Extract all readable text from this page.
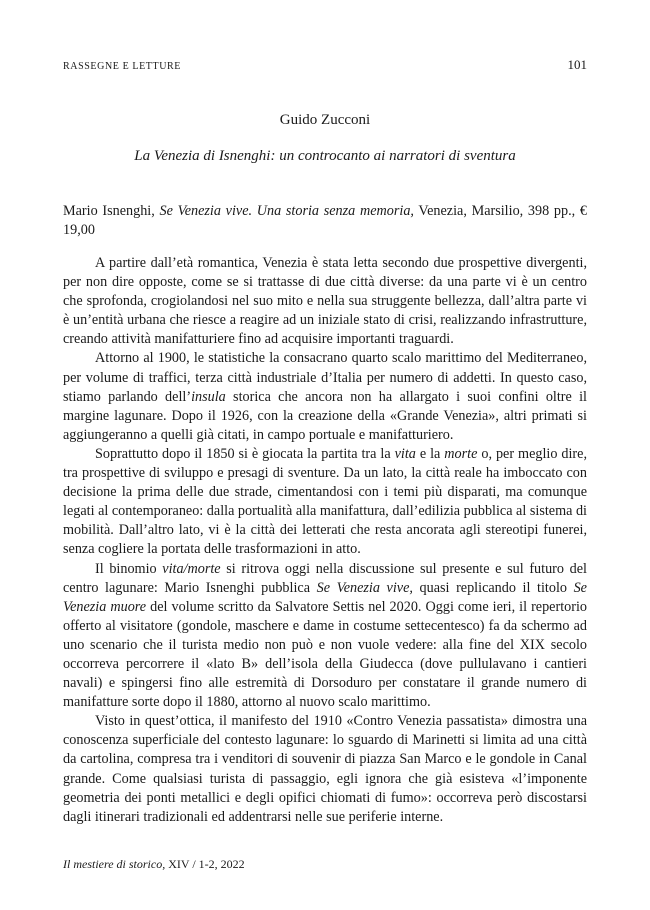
RASSEGNE E LETTURE	101
Guido Zucconi
La Venezia di Isnenghi: un controcanto ai narratori di sventura
Mario Isnenghi, Se Venezia vive. Una storia senza memoria, Venezia, Marsilio, 398 pp., € 19,00

A partire dall’età romantica, Venezia è stata letta secondo due prospettive divergenti, per non dire opposte, come se si trattasse di due città diverse: da una parte vi è un centro che sprofonda, crogiolandosi nel suo mito e nella sua struggente bellezza, dall’altra parte vi è un’entità urbana che riesce a reagire ad un iniziale stato di crisi, realizzando infrastrutture, creando attività manifatturiere fino ad acquisire importanti traguardi.

Attorno al 1900, le statistiche la consacrano quarto scalo marittimo del Mediterraneo, per volume di traffici, terza città industriale d’Italia per numero di addetti. In questo caso, stiamo parlando dell’insula storica che ancora non ha allargato i suoi confini oltre il margine lagunare. Dopo il 1926, con la creazione della «Grande Venezia», altri primati si aggiungeranno a quelli già citati, in campo portuale e manifatturiero.

Soprattutto dopo il 1850 si è giocata la partita tra la vita e la morte o, per meglio dire, tra prospettive di sviluppo e presagi di sventure. Da un lato, la città reale ha imboccato con decisione la prima delle due strade, cimentandosi con i temi più disparati, ma comunque legati al contemporaneo: dalla portualità alla manifattura, dall’edilizia pubblica al sistema di mobilità. Dall’altro lato, vi è la città dei letterati che resta ancorata agli stereotipi funerei, senza cogliere la portata delle trasformazioni in atto.

Il binomio vita/morte si ritrova oggi nella discussione sul presente e sul futuro del centro lagunare: Mario Isnenghi pubblica Se Venezia vive, quasi replicando il titolo Se Venezia muore del volume scritto da Salvatore Settis nel 2020. Oggi come ieri, il repertorio offerto al visitatore (gondole, maschere e dame in costume settecentesco) fa da schermo ad uno scenario che il turista medio non può e non vuole vedere: alla fine del XIX secolo occorreva percorrere il «lato B» dell’isola della Giudecca (dove pullulavano i cantieri navali) e spingersi fino alle estremità di Dorsoduro per constatare il grande numero di manifatture sorte dopo il 1880, attorno al nuovo scalo marittimo.

Visto in quest’ottica, il manifesto del 1910 «Contro Venezia passatista» dimostra una conoscenza superficiale del contesto lagunare: lo sguardo di Marinetti si limita ad una città da cartolina, compresa tra i venditori di souvenir di piazza San Marco e le gondole in Canal grande. Come qualsiasi turista di passaggio, egli ignora che già esisteva «l’imponente geometria dei ponti metallici e degli opifici chiomati di fumo»: occorreva però discostarsi dagli itinerari tradizionali ed addentrarsi nelle sue periferie interne.

Il mestiere di storico, XIV / 1-2, 2022
